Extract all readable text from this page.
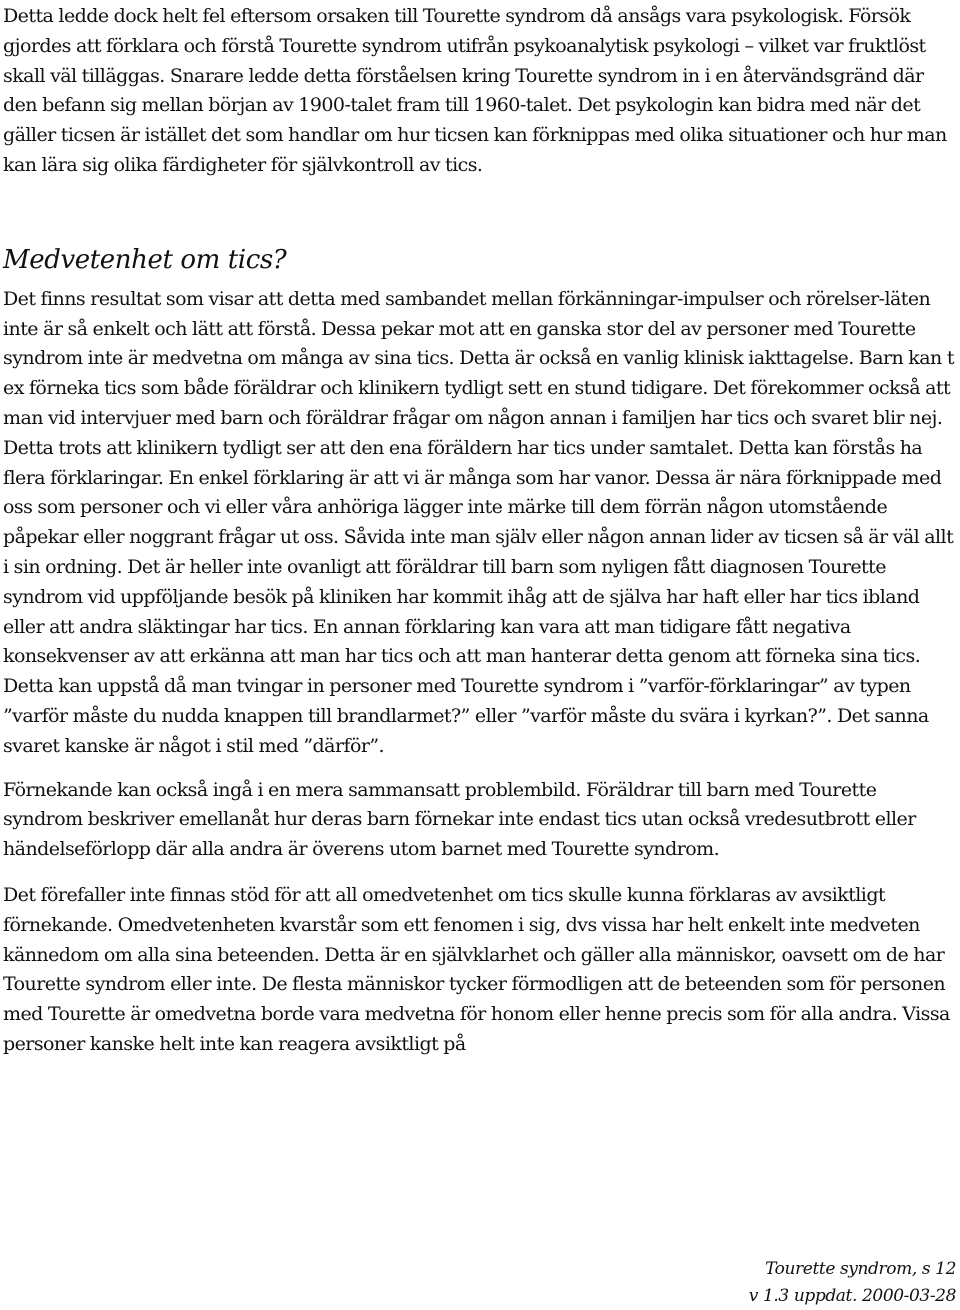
Detta ledde dock helt fel eftersom orsaken till Tourette syndrom då ansågs vara psykologisk. Försök gjordes att förklara och förstå Tourette syndrom utifrån psykoanalytisk psykologi – vilket var fruktlöst skall väl tilläggas. Snarare ledde detta förståelsen kring Tourette syndrom in i en återvändsgränd där den befann sig mellan början av 1900-talet fram till 1960-talet. Det psykologin kan bidra med när det gäller ticsen är istället det som handlar om hur ticsen kan förknippas med olika situationer och hur man kan lära sig olika färdigheter för självkontroll av tics.

Medvetenhet om tics?

Det finns resultat som visar att detta med sambandet mellan förkänningar-impulser och rörelser-läten inte är så enkelt och lätt att förstå. Dessa pekar mot att en ganska stor del av personer med Tourette syndrom inte är medvetna om många av sina tics. Detta är också en vanlig klinisk iakttagelse. Barn kan t ex förneka tics som både föräldrar och klinikern tydligt sett en stund tidigare. Det förekommer också att man vid intervjuer med barn och föräldrar frågar om någon annan i familjen har tics och svaret blir nej. Detta trots att klinikern tydligt ser att den ena föräldern har tics under samtalet. Detta kan förstås ha flera förklaringar. En enkel förklaring är att vi är många som har vanor. Dessa är nära förknippade med oss som personer och vi eller våra anhöriga lägger inte märke till dem förrän någon utomstående påpekar eller noggrant frågar ut oss. Såvida inte man själv eller någon annan lider av ticsen så är väl allt i sin ordning. Det är heller inte ovanligt att föräldrar till barn som nyligen fått diagnosen Tourette syndrom vid uppföljande besök på kliniken har kommit ihåg att de själva har haft eller har tics ibland eller att andra släktingar har tics. En annan förklaring kan vara att man tidigare fått negativa konsekvenser av att erkänna att man har tics och att man hanterar detta genom att förneka sina tics. Detta kan uppstå då man tvingar in personer med Tourette syndrom i ”varför-förklaringar” av typen ”varför måste du nudda knappen till brandlarmet?” eller ”varför måste du svära i kyrkan?”. Det sanna svaret kanske är något i stil med ”därför”.

Förnekande kan också ingå i en mera sammansatt problembild. Föräldrar till barn med Tourette syndrom beskriver emellanåt hur deras barn förnekar inte endast tics utan också vredesutbrott eller händelseförlopp där alla andra är överens utom barnet med Tourette syndrom.

Det förefaller inte finnas stöd för att all omedvetenhet om tics skulle kunna förklaras av avsiktligt förnekande. Omedvetenheten kvarstår som ett fenomen i sig, dvs vissa har helt enkelt inte medveten kännedom om alla sina beteenden. Detta är en självklarhet och gäller alla människor, oavsett om de har Tourette syndrom eller inte. De flesta människor tycker förmodligen att de beteenden som för personen med Tourette är omedvetna borde vara medvetna för honom eller henne precis som för alla andra. Vissa personer kanske helt inte kan reagera avsiktligt på

Tourette syndrom, s 12
v 1.3 uppdat. 2000-03-28
